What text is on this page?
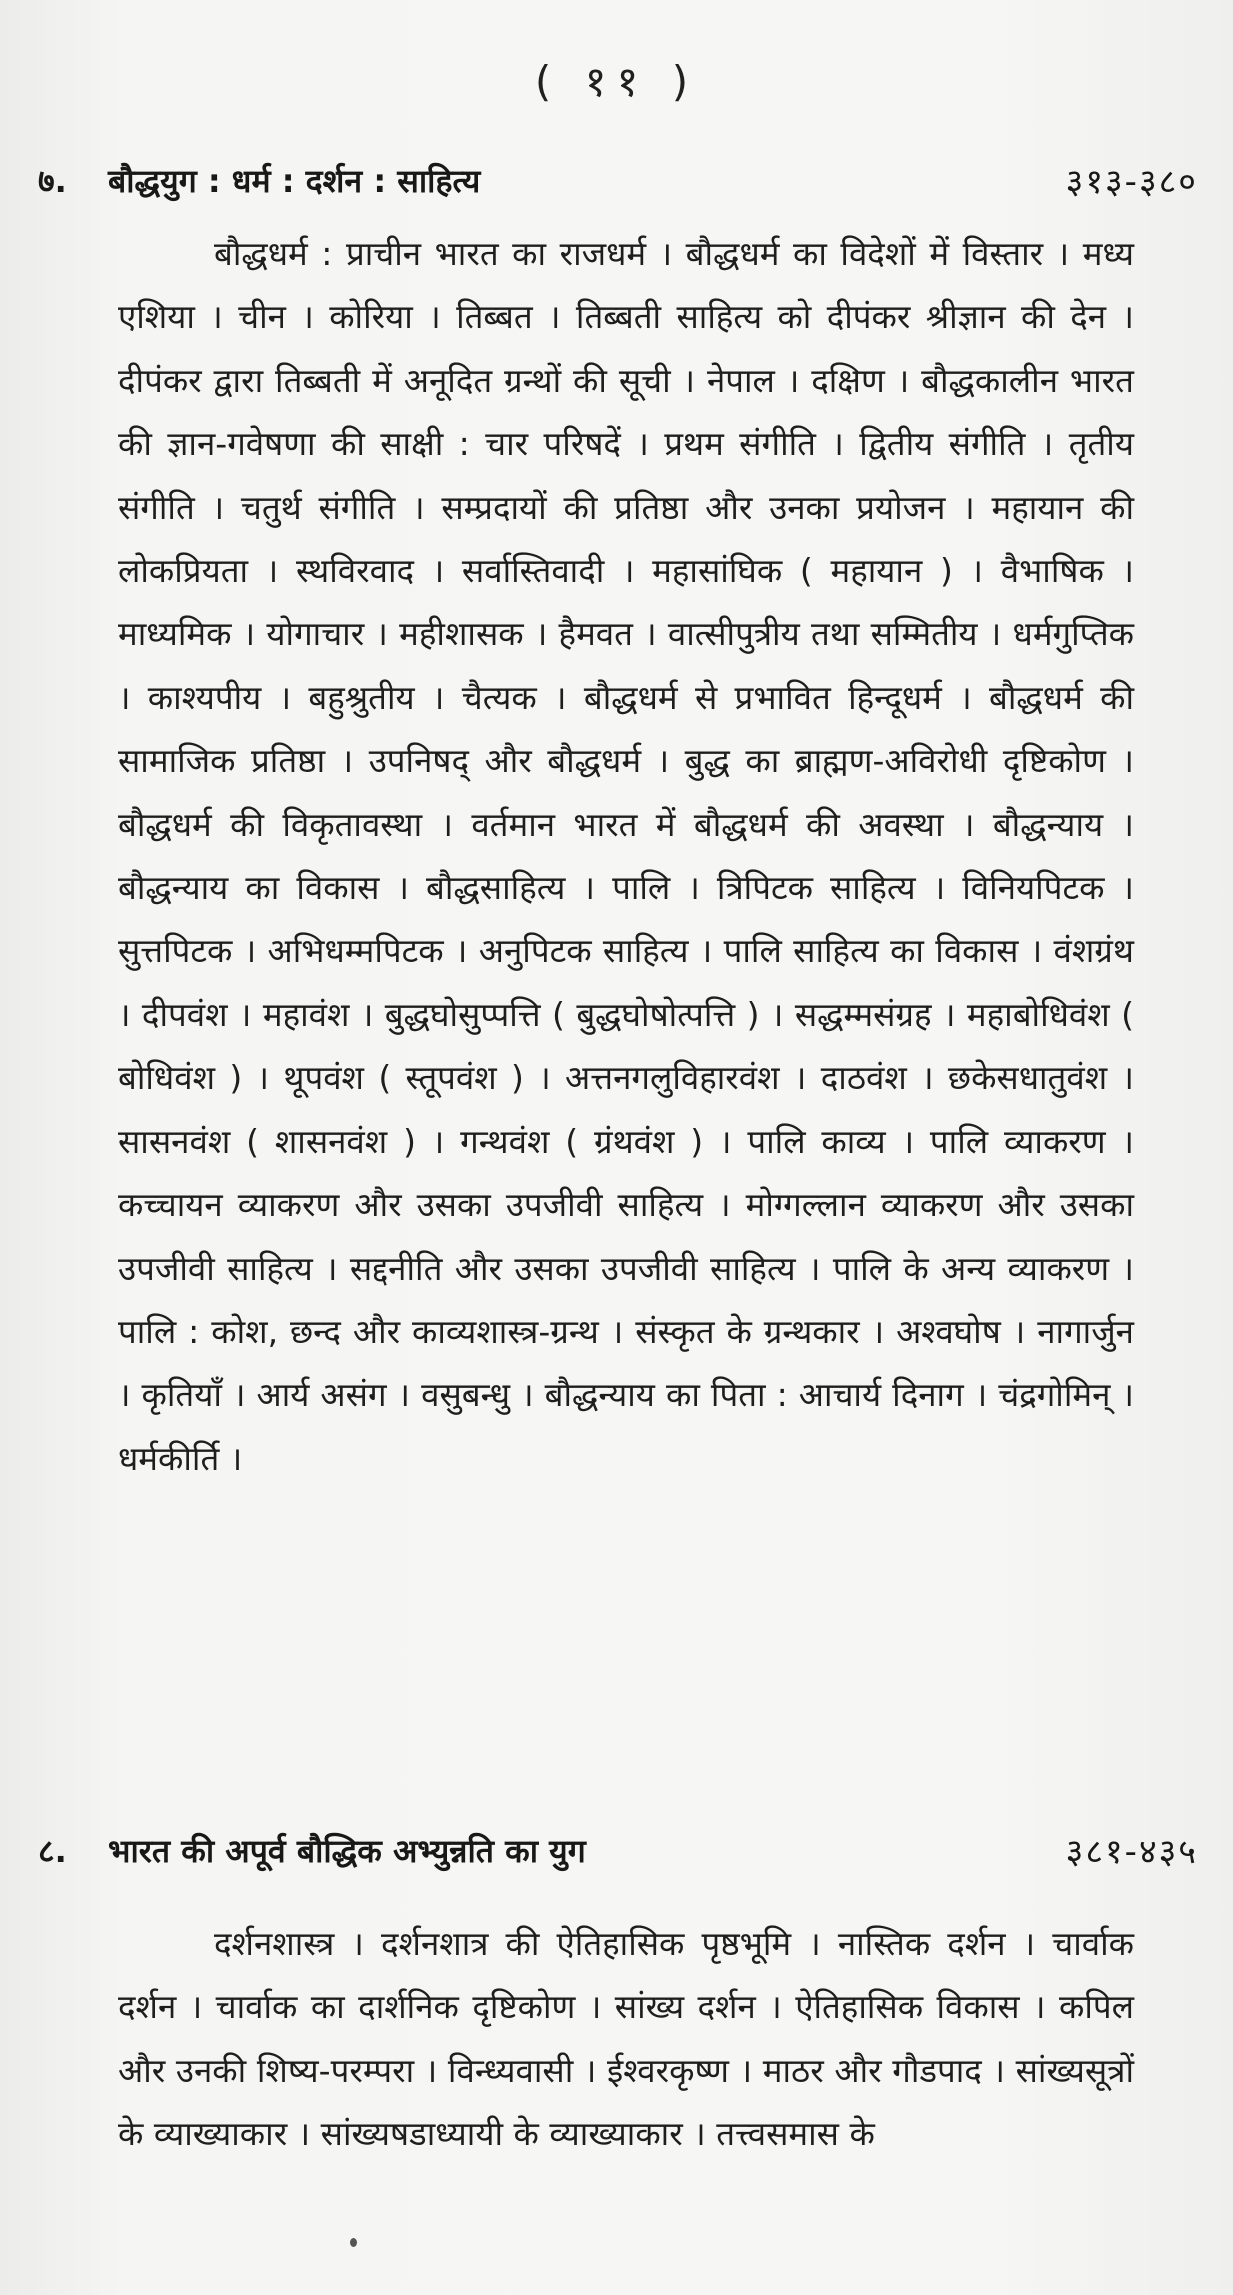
( ११ )
७.	बौद्धयुग : धर्म : दर्शन : साहित्य	३१३-३८०

बौद्धधर्म : प्राचीन भारत का राजधर्म । बौद्धधर्म का विदेशों में विस्तार । मध्य एशिया । चीन । कोरिया । तिब्बत । तिब्बती साहित्य को दीपंकर श्रीज्ञान की देन । दीपंकर द्वारा तिब्बती में अनूदित ग्रन्थों की सूची । नेपाल । दक्षिण । बौद्धकालीन भारत की ज्ञान-गवेषणा की साक्षी : चार परिषदें । प्रथम संगीति । द्वितीय संगीति । तृतीय संगीति । चतुर्थ संगीति । सम्प्रदायों की प्रतिष्ठा और उनका प्रयोजन । महायान की लोकप्रियता । स्थविरवाद । सर्वास्तिवादी । महासांघिक ( महायान ) । वैभाषिक । माध्यमिक । योगाचार । महीशासक । हैमवत । वात्सीपुत्रीय तथा सम्मितीय । धर्मगुप्तिक । काश्यपीय । बहुश्रुतीय । चैत्यक । बौद्धधर्म से प्रभावित हिन्दूधर्म । बौद्धधर्म की सामाजिक प्रतिष्ठा । उपनिषद् और बौद्धधर्म । बुद्ध का ब्राह्मण-अविरोधी दृष्टिकोण । बौद्धधर्म की विकृतावस्था । वर्तमान भारत में बौद्धधर्म की अवस्था । बौद्धन्याय । बौद्धन्याय का विकास । बौद्धसाहित्य । पालि । त्रिपिटक साहित्य । विनियपिटक । सुत्तपिटक । अभिधम्मपिटक । अनुपिटक साहित्य । पालि साहित्य का विकास । वंशग्रंथ । दीपवंश । महावंश । बुद्धघोसुप्पत्ति ( बुद्धघोषोत्पत्ति ) । सद्धम्मसंग्रह । महाबोधिवंश ( बोधिवंश ) । थूपवंश ( स्तूपवंश ) । अत्तनगलुविहारवंश । दाठवंश । छकेसधातुवंश । सासनवंश ( शासनवंश ) । गन्थवंश ( ग्रंथवंश ) । पालि काव्य । पालि व्याकरण । कच्चायन व्याकरण और उसका उपजीवी साहित्य । मोग्गल्लान व्याकरण और उसका उपजीवी साहित्य । सद्दनीति और उसका उपजीवी साहित्य । पालि के अन्य व्याकरण । पालि : कोश, छन्द और काव्यशास्त्र-ग्रन्थ । संस्कृत के ग्रन्थकार । अश्वघोष । नागार्जुन । कृतियाँ । आर्य असंग । वसुबन्धु । बौद्धन्याय का पिता : आचार्य दिनाग । चंद्रगोमिन् । धर्मकीर्ति ।

८.	भारत की अपूर्व बौद्धिक अभ्युन्नति का युग	३८१-४३५

दर्शनशास्त्र । दर्शनशात्र की ऐतिहासिक पृष्ठभूमि । नास्तिक दर्शन । चार्वाक दर्शन । चार्वाक का दार्शनिक दृष्टिकोण । सांख्य दर्शन । ऐतिहासिक विकास । कपिल और उनकी शिष्य-परम्परा । विन्ध्यवासी । ईश्वरकृष्ण । माठर और गौडपाद । सांख्यसूत्रों के व्याख्याकार । सांख्यषडाध्यायी के व्याख्याकार । तत्त्वसमास के
